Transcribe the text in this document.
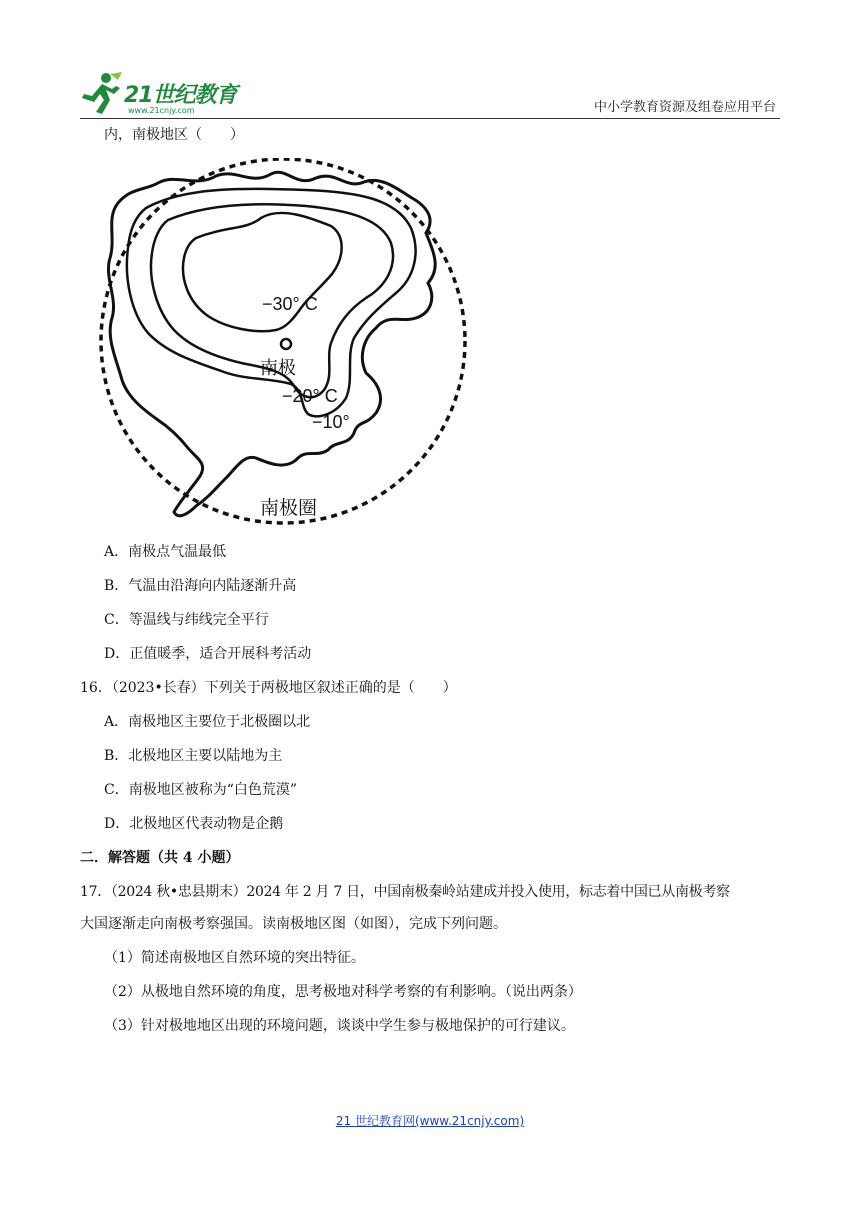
21世纪教育
www.21cnjy.com	中小学教育资源及组卷应用平台
内，南极地区（　　）
−30° C
南极
−20° C
−10°
南极圈
A．南极点气温最低
B．气温由沿海向内陆逐渐升高
C．等温线与纬线完全平行
D．正值暖季，适合开展科考活动
16．（2023•长春）下列关于两极地区叙述正确的是（　　）
A．南极地区主要位于北极圈以北
B．北极地区主要以陆地为主
C．南极地区被称为“白色荒漠”
D．北极地区代表动物是企鹅
二．解答题（共 4 小题）
17．（2024 秋•忠县期末）2024 年 2 月 7 日，中国南极秦岭站建成并投入使用，标志着中国已从南极考察
大国逐渐走向南极考察强国。读南极地区图（如图），完成下列问题。
（1）简述南极地区自然环境的突出特征。
（2）从极地自然环境的角度，思考极地对科学考察的有利影响。（说出两条）
（3）针对极地地区出现的环境问题，谈谈中学生参与极地保护的可行建议。
21 世纪教育网(www.21cnjy.com)
